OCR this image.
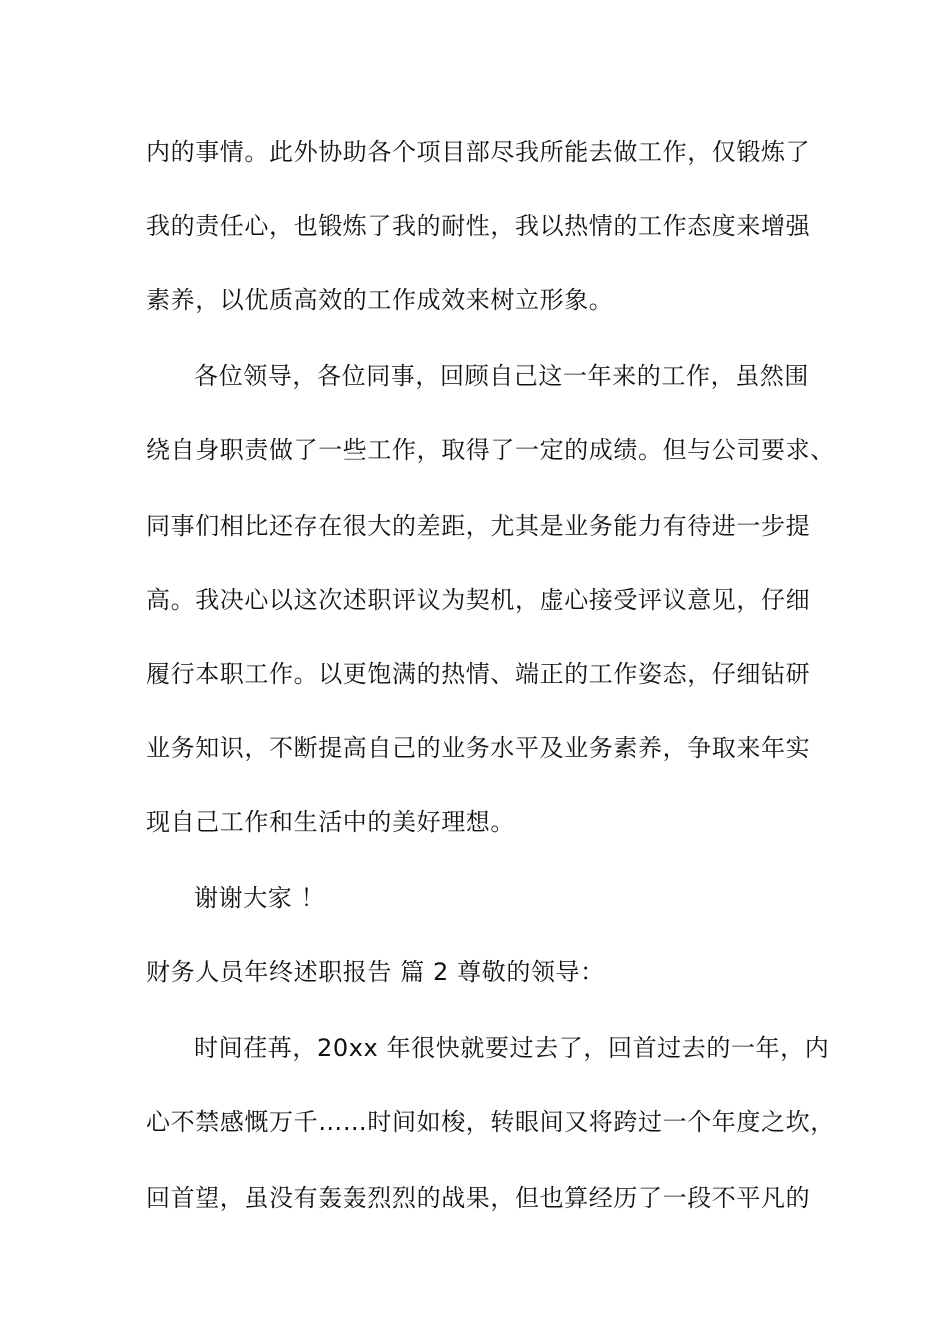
内的事情。此外协助各个项目部尽我所能去做工作，仅锻炼了
我的责任心，也锻炼了我的耐性，我以热情的工作态度来增强
素养，以优质高效的工作成效来树立形象。
各位领导，各位同事，回顾自己这一年来的工作，虽然围
绕自身职责做了一些工作，取得了一定的成绩。但与公司要求、
同事们相比还存在很大的差距，尤其是业务能力有待进一步提
高。我决心以这次述职评议为契机，虚心接受评议意见，仔细
履行本职工作。以更饱满的热情、端正的工作姿态，仔细钻研
业务知识，不断提高自己的业务水平及业务素养，争取来年实
现自己工作和生活中的美好理想。
谢谢大家 ！
财务人员年终述职报告 篇 2 尊敬的领导：
时间荏苒，20xx 年很快就要过去了，回首过去的一年，内
心不禁感慨万千……时间如梭，转眼间又将跨过一个年度之坎，
回首望，虽没有轰轰烈烈的战果，但也算经历了一段不平凡的
